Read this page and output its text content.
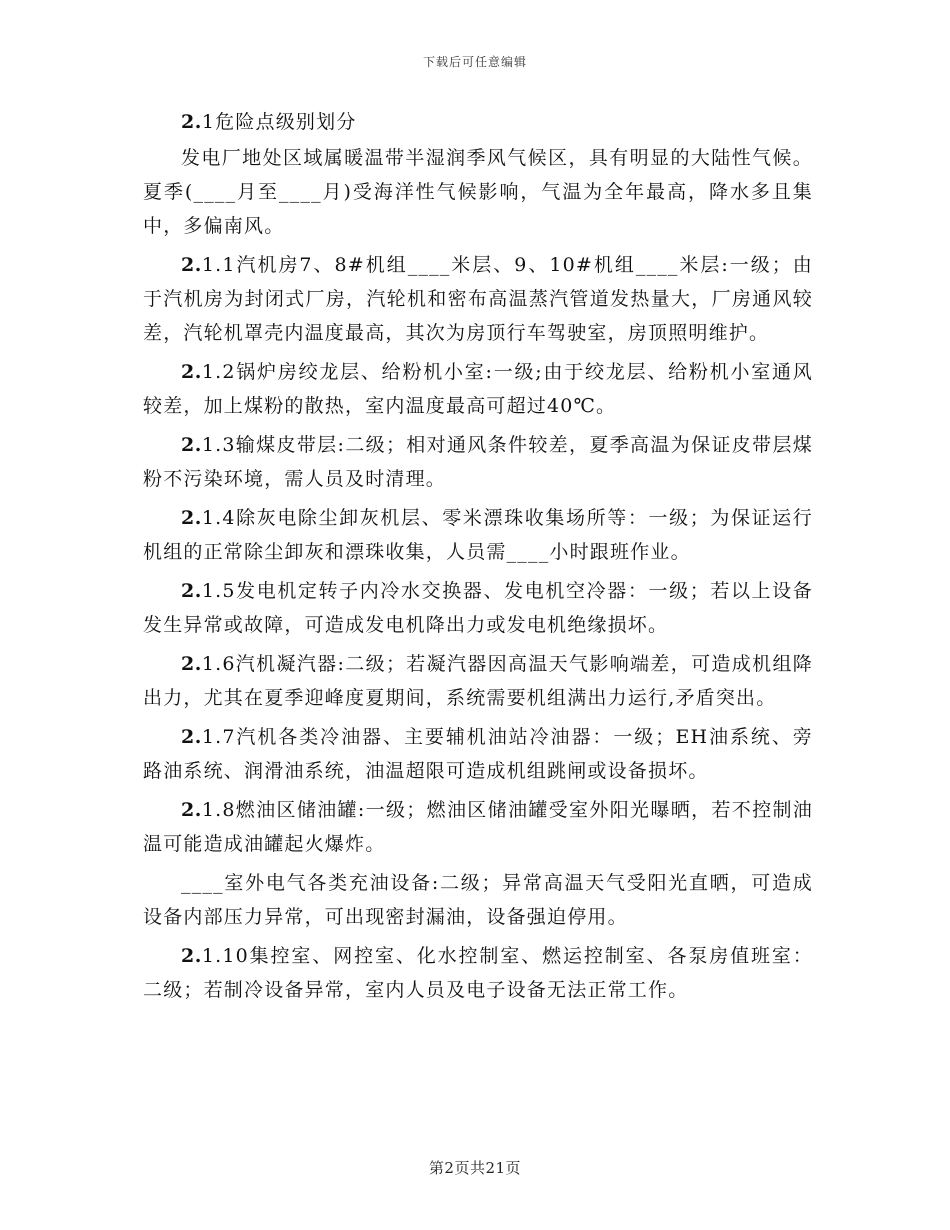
下载后可任意编辑

2.1危险点级别划分

发电厂地处区域属暖温带半湿润季风气候区，具有明显的大陆性气候。夏季(____月至____月)受海洋性气候影响，气温为全年最高，降水多且集中，多偏南风。

2.1.1汽机房7、8#机组____米层、9、10#机组____米层:一级；由于汽机房为封闭式厂房，汽轮机和密布高温蒸汽管道发热量大，厂房通风较差，汽轮机罩壳内温度最高，其次为房顶行车驾驶室，房顶照明维护。

2.1.2锅炉房绞龙层、给粉机小室:一级;由于绞龙层、给粉机小室通风较差，加上煤粉的散热，室内温度最高可超过40℃。

2.1.3输煤皮带层:二级；相对通风条件较差，夏季高温为保证皮带层煤粉不污染环境，需人员及时清理。

2.1.4除灰电除尘卸灰机层、零米漂珠收集场所等：一级；为保证运行机组的正常除尘卸灰和漂珠收集，人员需____小时跟班作业。

2.1.5发电机定转子内冷水交换器、发电机空冷器：一级；若以上设备发生异常或故障，可造成发电机降出力或发电机绝缘损坏。

2.1.6汽机凝汽器:二级；若凝汽器因高温天气影响端差，可造成机组降出力，尤其在夏季迎峰度夏期间，系统需要机组满出力运行,矛盾突出。

2.1.7汽机各类冷油器、主要辅机油站冷油器：一级；EH油系统、旁路油系统、润滑油系统，油温超限可造成机组跳闸或设备损坏。

2.1.8燃油区储油罐:一级；燃油区储油罐受室外阳光曝晒，若不控制油温可能造成油罐起火爆炸。

____室外电气各类充油设备:二级；异常高温天气受阳光直晒，可造成设备内部压力异常，可出现密封漏油，设备强迫停用。

2.1.10集控室、网控室、化水控制室、燃运控制室、各泵房值班室：二级；若制冷设备异常，室内人员及电子设备无法正常工作。

第2页共21页
